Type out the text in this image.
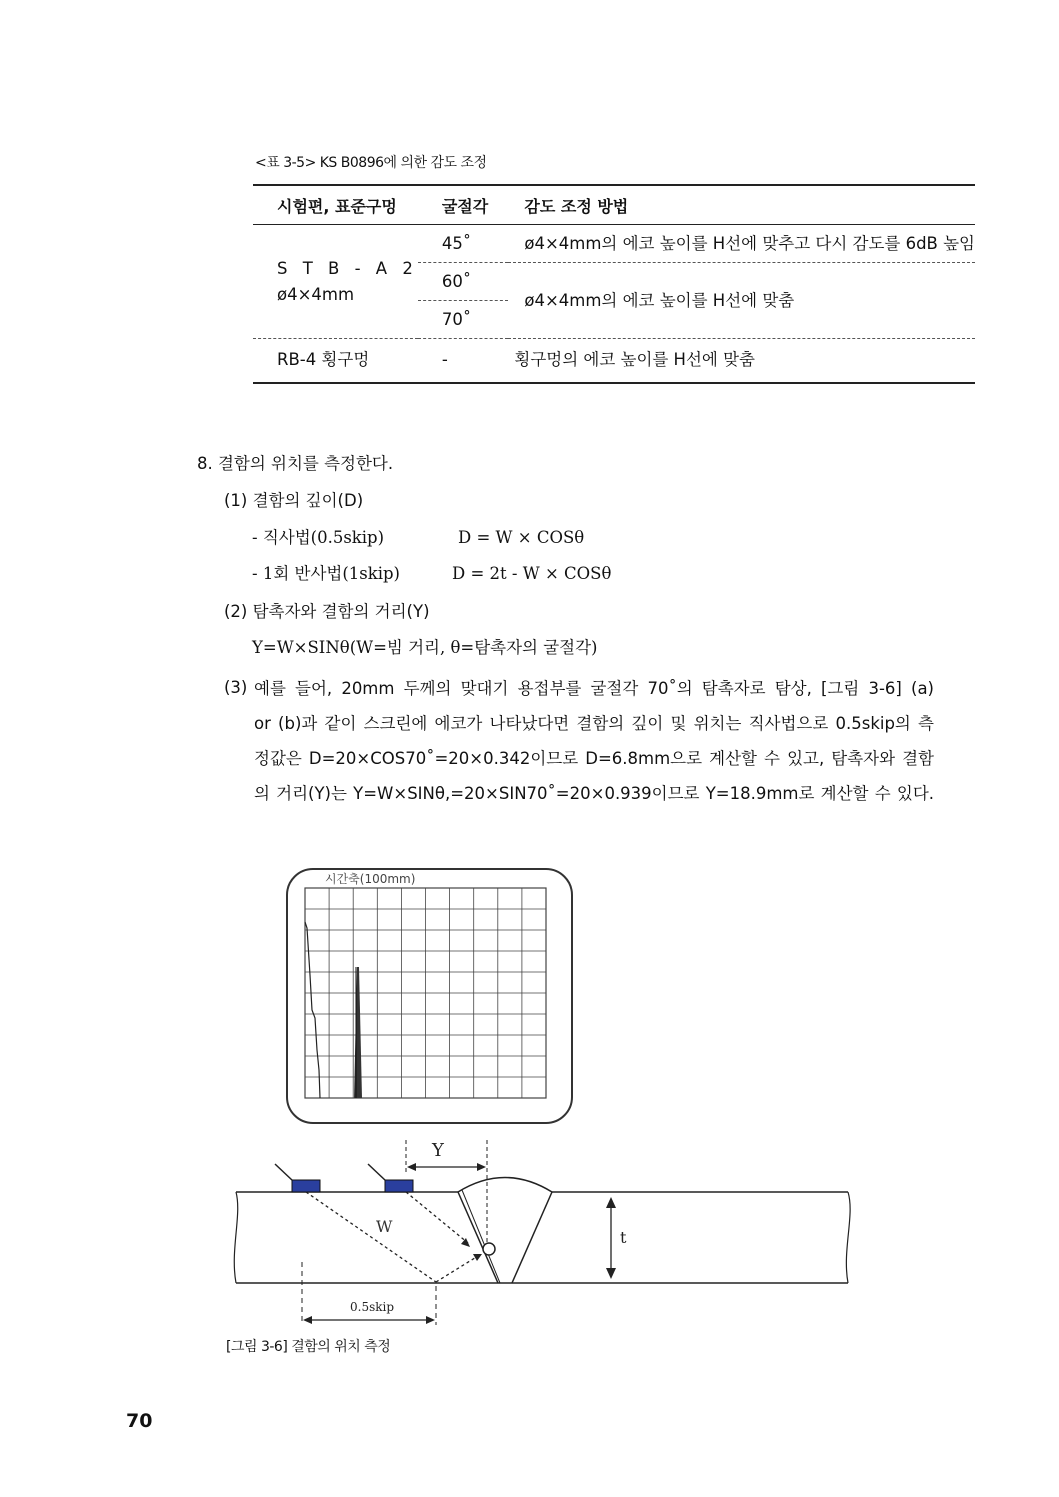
<표 3-5> KS B0896에 의한 감도 조정
시험편, 표준구멍	굴절각	감도 조정 방법

S T B - A 2
ø4×4mm	45˚	ø4×4mm의 에코 높이를 H선에 맞추고 다시 감도를 6dB 높임
	60˚	ø4×4mm의 에코 높이를 H선에 맞춤
	70˚	
RB-4 횡구멍	-	횡구멍의 에코 높이를 H선에 맞춤
8. 결함의 위치를 측정한다.
(1) 결함의 깊이(D)
- 직사법(0.5skip)	D = W × COSθ
- 1회 반사법(1skip)	D = 2t - W × COSθ
(2) 탐촉자와 결함의 거리(Y)
Y=W×SINθ(W=빔 거리, θ=탐촉자의 굴절각)
(3) 예를 들어, 20mm 두께의 맞대기 용접부를 굴절각 70˚의 탐촉자로 탐상, [그림 3-6] (a)
or (b)과 같이 스크린에 에코가 나타났다면 결함의 깊이 및 위치는 직사법으로 0.5skip의 측
정값은 D=20×COS70˚=20×0.342이므로 D=6.8mm으로 계산할 수 있고, 탐촉자와 결함
의 거리(Y)는 Y=W×SINθ,=20×SIN70˚=20×0.939이므로 Y=18.9mm로 계산할 수 있다.
시간축(100mm)
Y
W
t
0.5skip
[그림 3-6] 결함의 위치 측정
70
